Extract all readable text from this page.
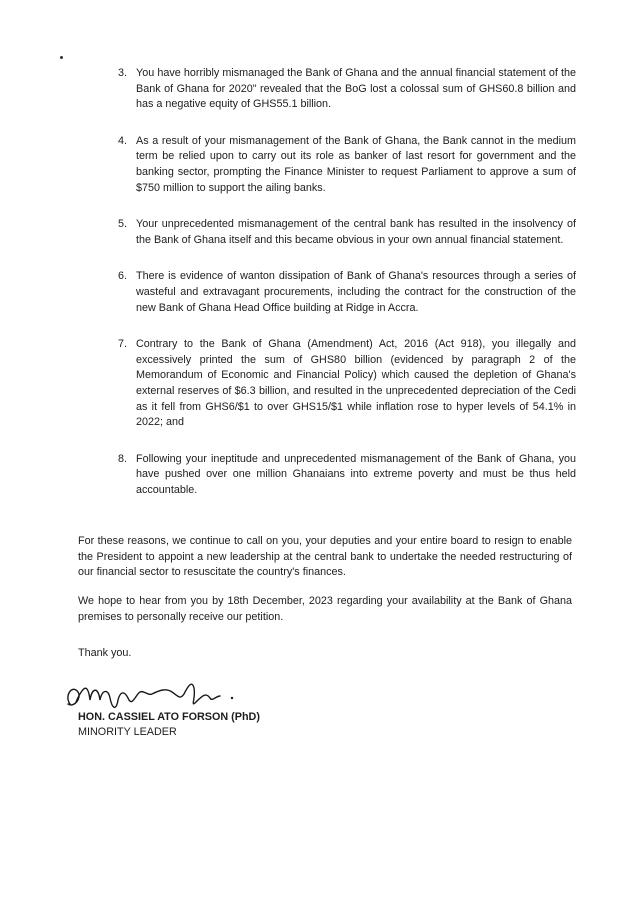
3. You have horribly mismanaged the Bank of Ghana and the annual financial statement of the Bank of Ghana for 2020" revealed that the BoG lost a colossal sum of GHS60.8 billion and has a negative equity of GHS55.1 billion.
4. As a result of your mismanagement of the Bank of Ghana, the Bank cannot in the medium term be relied upon to carry out its role as banker of last resort for government and the banking sector, prompting the Finance Minister to request Parliament to approve a sum of $750 million to support the ailing banks.
5. Your unprecedented mismanagement of the central bank has resulted in the insolvency of the Bank of Ghana itself and this became obvious in your own annual financial statement.
6. There is evidence of wanton dissipation of Bank of Ghana's resources through a series of wasteful and extravagant procurements, including the contract for the construction of the new Bank of Ghana Head Office building at Ridge in Accra.
7. Contrary to the Bank of Ghana (Amendment) Act, 2016 (Act 918), you illegally and excessively printed the sum of GHS80 billion (evidenced by paragraph 2 of the Memorandum of Economic and Financial Policy) which caused the depletion of Ghana's external reserves of $6.3 billion, and resulted in the unprecedented depreciation of the Cedi as it fell from GHS6/$1 to over GHS15/$1 while inflation rose to hyper levels of 54.1% in 2022; and
8. Following your ineptitude and unprecedented mismanagement of the Bank of Ghana, you have pushed over one million Ghanaians into extreme poverty and must be thus held accountable.
For these reasons, we continue to call on you, your deputies and your entire board to resign to enable the President to appoint a new leadership at the central bank to undertake the needed restructuring of our financial sector to resuscitate the country's finances.
We hope to hear from you by 18th December, 2023 regarding your availability at the Bank of Ghana premises to personally receive our petition.
Thank you.
HON. CASSIEL ATO FORSON (PhD)
MINORITY LEADER
